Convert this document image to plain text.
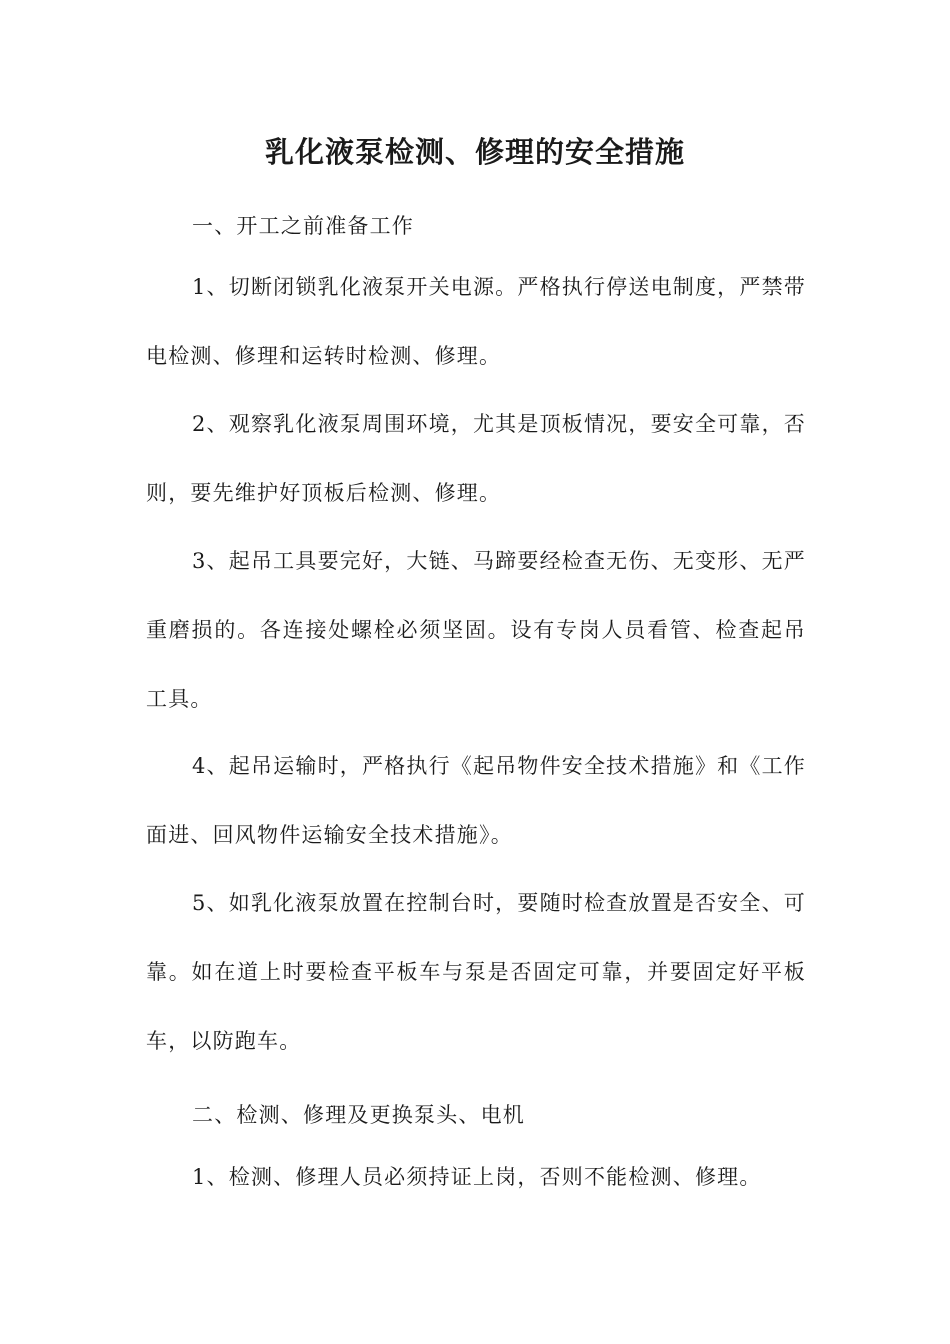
乳化液泵检测、修理的安全措施
一、开工之前准备工作
1、切断闭锁乳化液泵开关电源。严格执行停送电制度，严禁带电检测、修理和运转时检测、修理。
2、观察乳化液泵周围环境，尤其是顶板情况，要安全可靠，否则，要先维护好顶板后检测、修理。
3、起吊工具要完好，大链、马蹄要经检查无伤、无变形、无严重磨损的。各连接处螺栓必须坚固。设有专岗人员看管、检查起吊工具。
4、起吊运输时，严格执行《起吊物件安全技术措施》和《工作面进、回风物件运输安全技术措施》。
5、如乳化液泵放置在控制台时，要随时检查放置是否安全、可靠。如在道上时要检查平板车与泵是否固定可靠，并要固定好平板车，以防跑车。
二、检测、修理及更换泵头、电机
1、检测、修理人员必须持证上岗，否则不能检测、修理。
